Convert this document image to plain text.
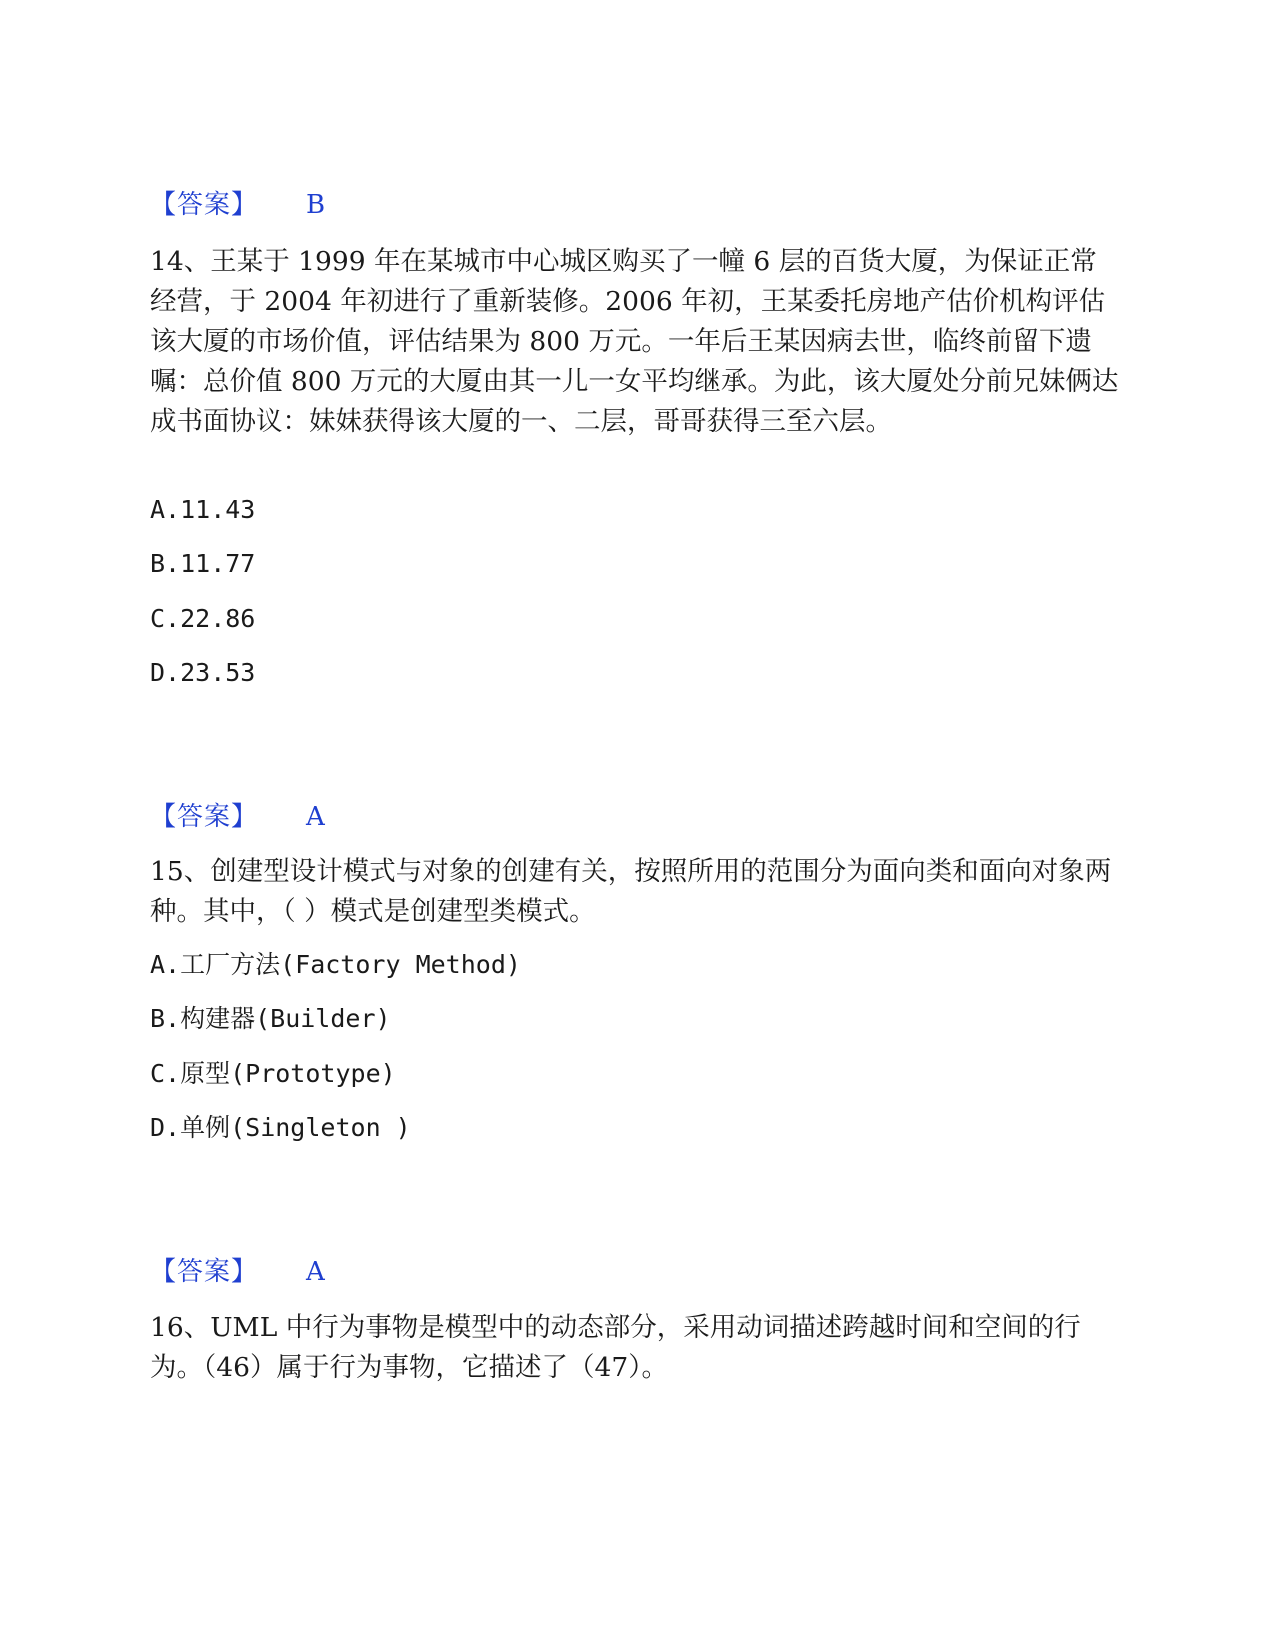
【答案】 B
14、王某于 1999 年在某城市中心城区购买了一幢 6 层的百货大厦，为保证正常经营，于 2004 年初进行了重新装修。2006 年初，王某委托房地产估价机构评估该大厦的市场价值，评估结果为 800 万元。一年后王某因病去世，临终前留下遗嘱：总价值 800 万元的大厦由其一儿一女平均继承。为此，该大厦处分前兄妹俩达成书面协议：妹妹获得该大厦的一、二层，哥哥获得三至六层。
A.11.43
B.11.77
C.22.86
D.23.53
【答案】 A
15、创建型设计模式与对象的创建有关，按照所用的范围分为面向类和面向对象两种。其中，（ ）模式是创建型类模式。
A.工厂方法(Factory Method)
B.构建器(Builder)
C.原型(Prototype)
D.单例(Singleton )
【答案】 A
16、UML 中行为事物是模型中的动态部分，采用动词描述跨越时间和空间的行为。（46）属于行为事物，它描述了（47）。
